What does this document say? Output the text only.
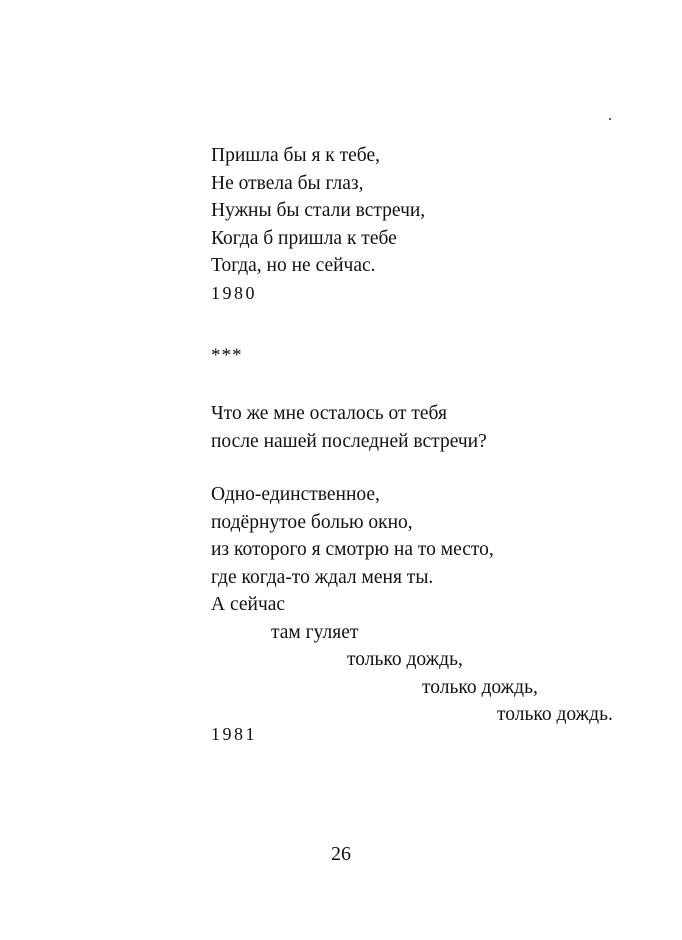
Пришла бы я к тебе,

Не отвела бы глаз,

Нужны бы стали встречи,

Когда б пришла к тебе

Тогда, но не сейчас.

1980
***

Что же мне осталось от тебя

после нашей последней встречи?

Одно-единственное,

подёрнутое болью окно,

из которого я смотрю на то место,

где когда-то ждал меня ты.

А сейчас

там гуляет

только дождь,

только дождь,

только дождь.

1981
26
